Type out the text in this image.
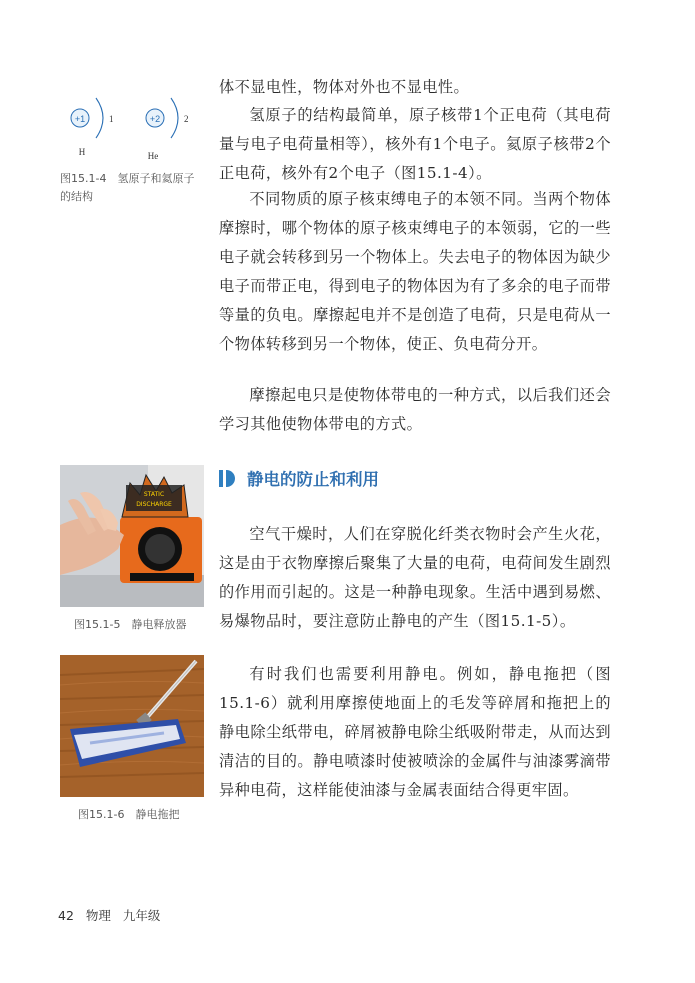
+1	1
H
+2	2
He
图15.1-4　氢原子和氦原子的结构
STATIC
DISCHARGE
图15.1-5　静电释放器
图15.1-6　静电拖把

体不显电性，物体对外也不显电性。

氢原子的结构最简单，原子核带1个正电荷（其电荷量与电子电荷量相等），核外有1个电子。氦原子核带2个正电荷，核外有2个电子（图15.1-4）。

不同物质的原子核束缚电子的本领不同。当两个物体摩擦时，哪个物体的原子核束缚电子的本领弱，它的一些电子就会转移到另一个物体上。失去电子的物体因为缺少电子而带正电，得到电子的物体因为有了多余的电子而带等量的负电。摩擦起电并不是创造了电荷，只是电荷从一个物体转移到另一个物体，使正、负电荷分开。

摩擦起电只是使物体带电的一种方式，以后我们还会学习其他使物体带电的方式。

静电的防止和利用

空气干燥时，人们在穿脱化纤类衣物时会产生火花，这是由于衣物摩擦后聚集了大量的电荷，电荷间发生剧烈的作用而引起的。这是一种静电现象。生活中遇到易燃、易爆物品时，要注意防止静电的产生（图15.1-5）。

有时我们也需要利用静电。例如，静电拖把（图15.1-6）就利用摩擦使地面上的毛发等碎屑和拖把上的静电除尘纸带电，碎屑被静电除尘纸吸附带走，从而达到清洁的目的。静电喷漆时使被喷涂的金属件与油漆雾滴带异种电荷，这样能使油漆与金属表面结合得更牢固。

42 物理 九年级
